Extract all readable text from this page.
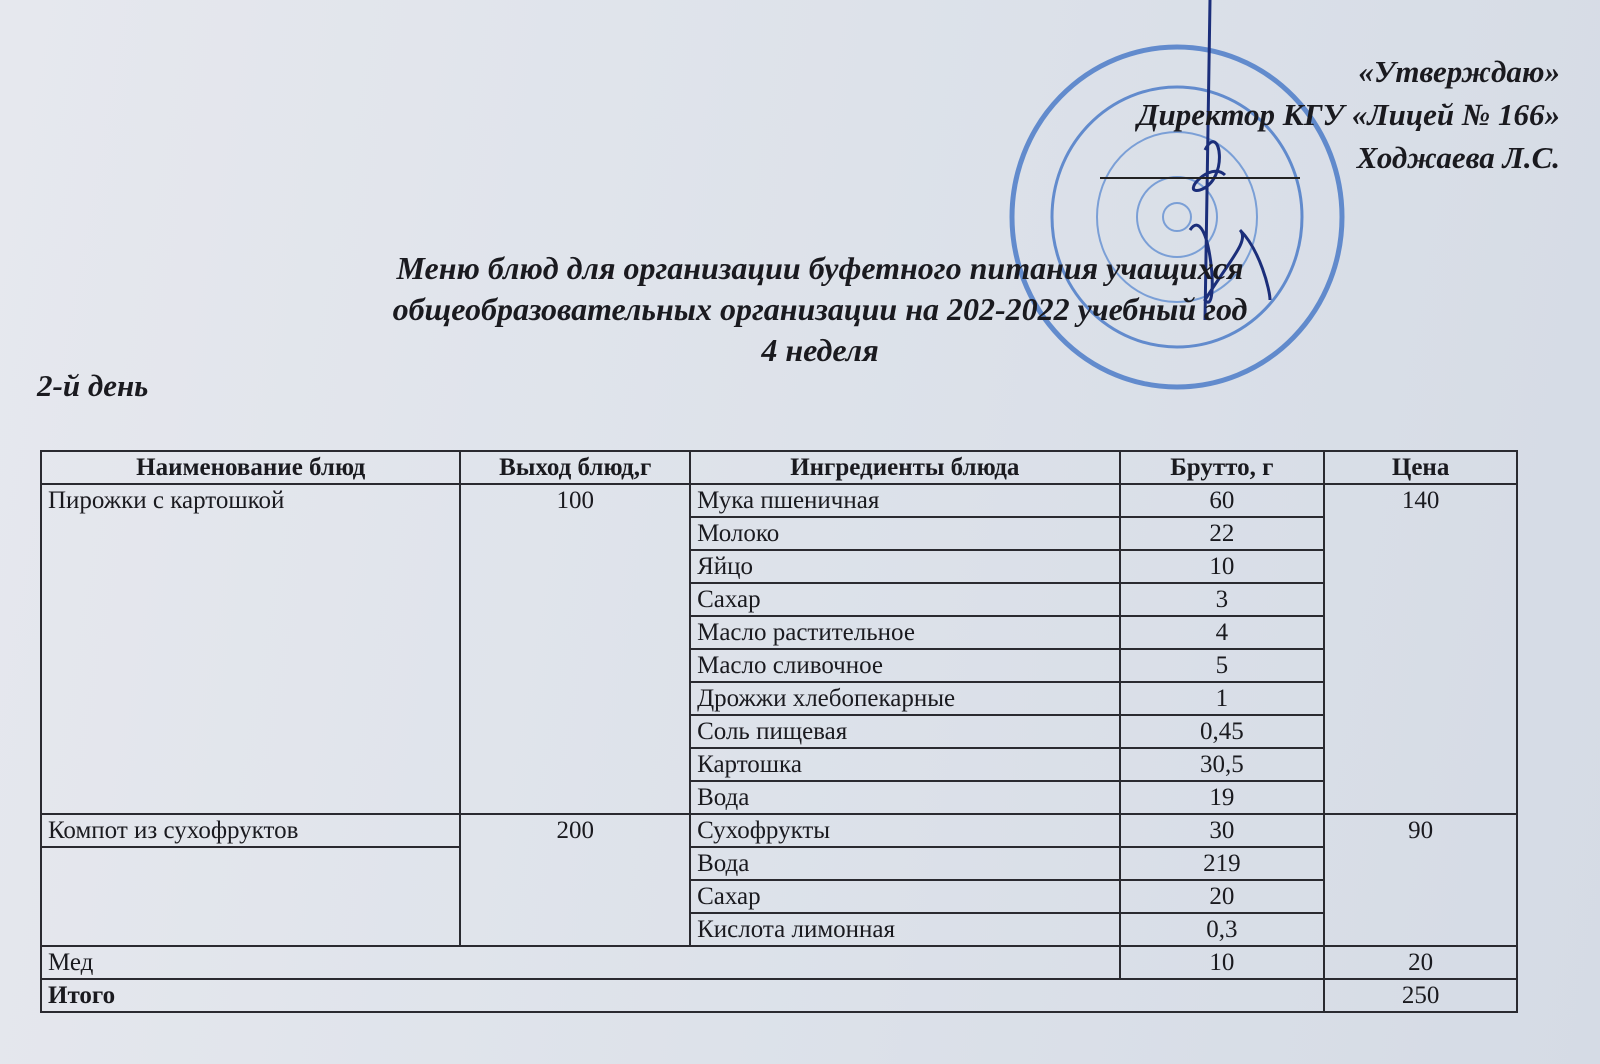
«Утверждаю»
Директор КГУ «Лицей № 166»
Ходжаева Л.С.
Меню блюд для организации буфетного питания учащихся
общеобразовательных организации на 202-2022 учебный год
4 неделя
2-й день
Наименование блюд	Выход блюд,г	Ингредиенты блюда	Брутто, г	Цена
Пирожки с картошкой	100	Мука пшеничная	60	140
		Молоко	22	
		Яйцо	10	
		Сахар	3	
		Масло растительное	4	
		Масло сливочное	5	
		Дрожжи хлебопекарные	1	
		Соль пищевая	0,45	
		Картошка	30,5	
		Вода	19	
Компот из сухофруктов	200	Сухофрукты	30	90
		Вода	219	
		Сахар	20	
		Кислота лимонная	0,3	
Мед			10	20
Итого				250
